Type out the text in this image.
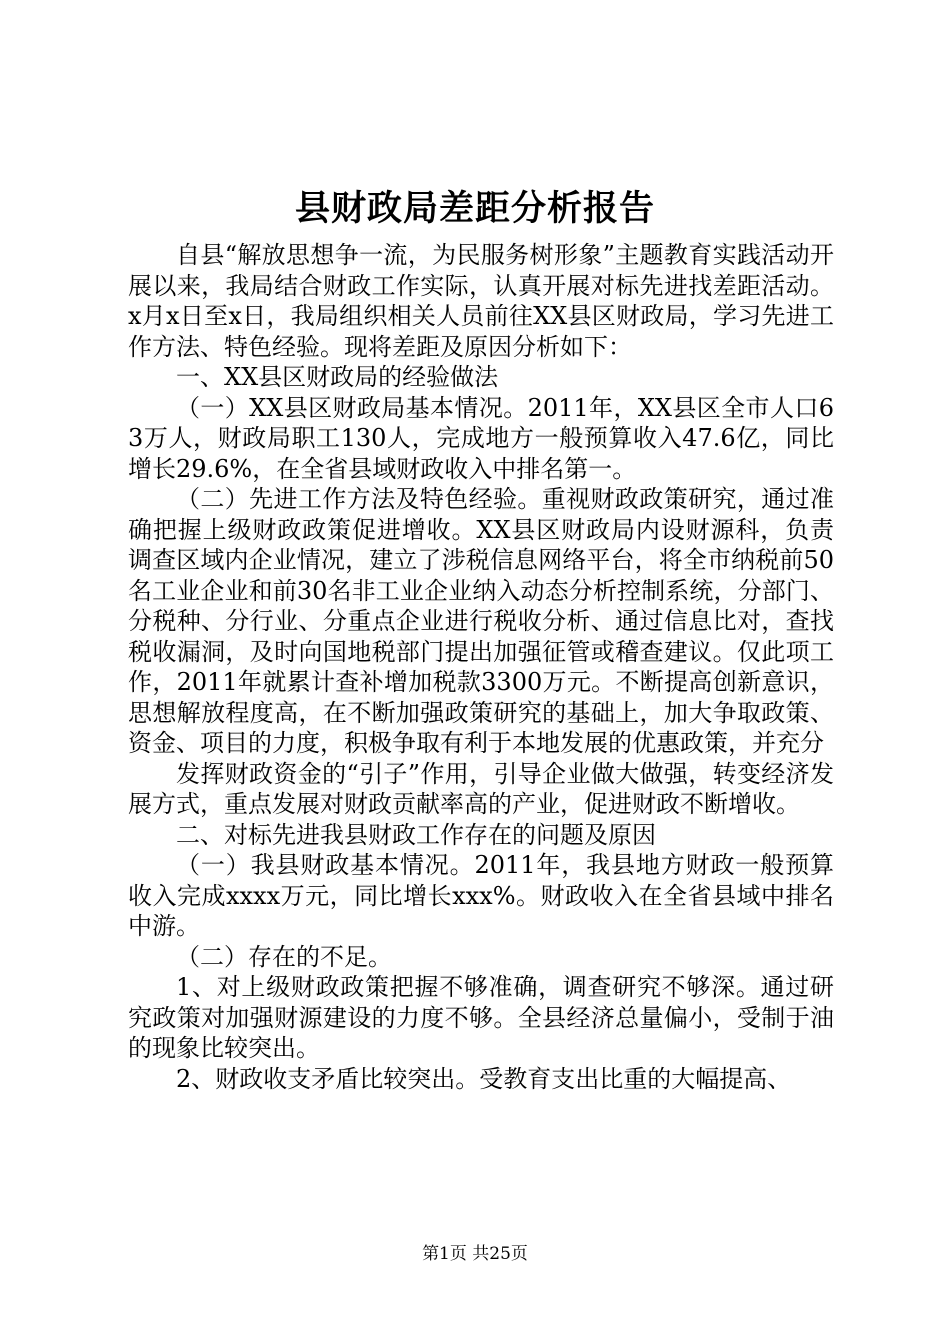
县财政局差距分析报告

自县“解放思想争一流，为民服务树形象”主题教育实践活动开展以来，我局结合财政工作实际，认真开展对标先进找差距活动。x月x日至x日，我局组织相关人员前往XX县区财政局，学习先进工作方法、特色经验。现将差距及原因分析如下：

一、XX县区财政局的经验做法

（一）XX县区财政局基本情况。2011年，XX县区全市人口63万人，财政局职工130人，完成地方一般预算收入47.6亿，同比增长29.6%，在全省县域财政收入中排名第一。

（二）先进工作方法及特色经验。重视财政政策研究，通过准确把握上级财政政策促进增收。XX县区财政局内设财源科，负责调查区域内企业情况，建立了涉税信息网络平台，将全市纳税前50名工业企业和前30名非工业企业纳入动态分析控制系统，分部门、分税种、分行业、分重点企业进行税收分析、通过信息比对，查找税收漏洞，及时向国地税部门提出加强征管或稽查建议。仅此项工作，2011年就累计查补增加税款3300万元。不断提高创新意识，思想解放程度高，在不断加强政策研究的基础上，加大争取政策、资金、项目的力度，积极争取有利于本地发展的优惠政策，并充分

发挥财政资金的“引子”作用，引导企业做大做强，转变经济发展方式，重点发展对财政贡献率高的产业，促进财政不断增收。

二、对标先进我县财政工作存在的问题及原因

（一）我县财政基本情况。2011年，我县地方财政一般预算收入完成xxxx万元，同比增长xxx%。财政收入在全省县域中排名中游。

（二）存在的不足。

1、对上级财政政策把握不够准确，调查研究不够深。通过研究政策对加强财源建设的力度不够。全县经济总量偏小，受制于油的现象比较突出。

2、财政收支矛盾比较突出。受教育支出比重的大幅提高、

第1页 共25页
